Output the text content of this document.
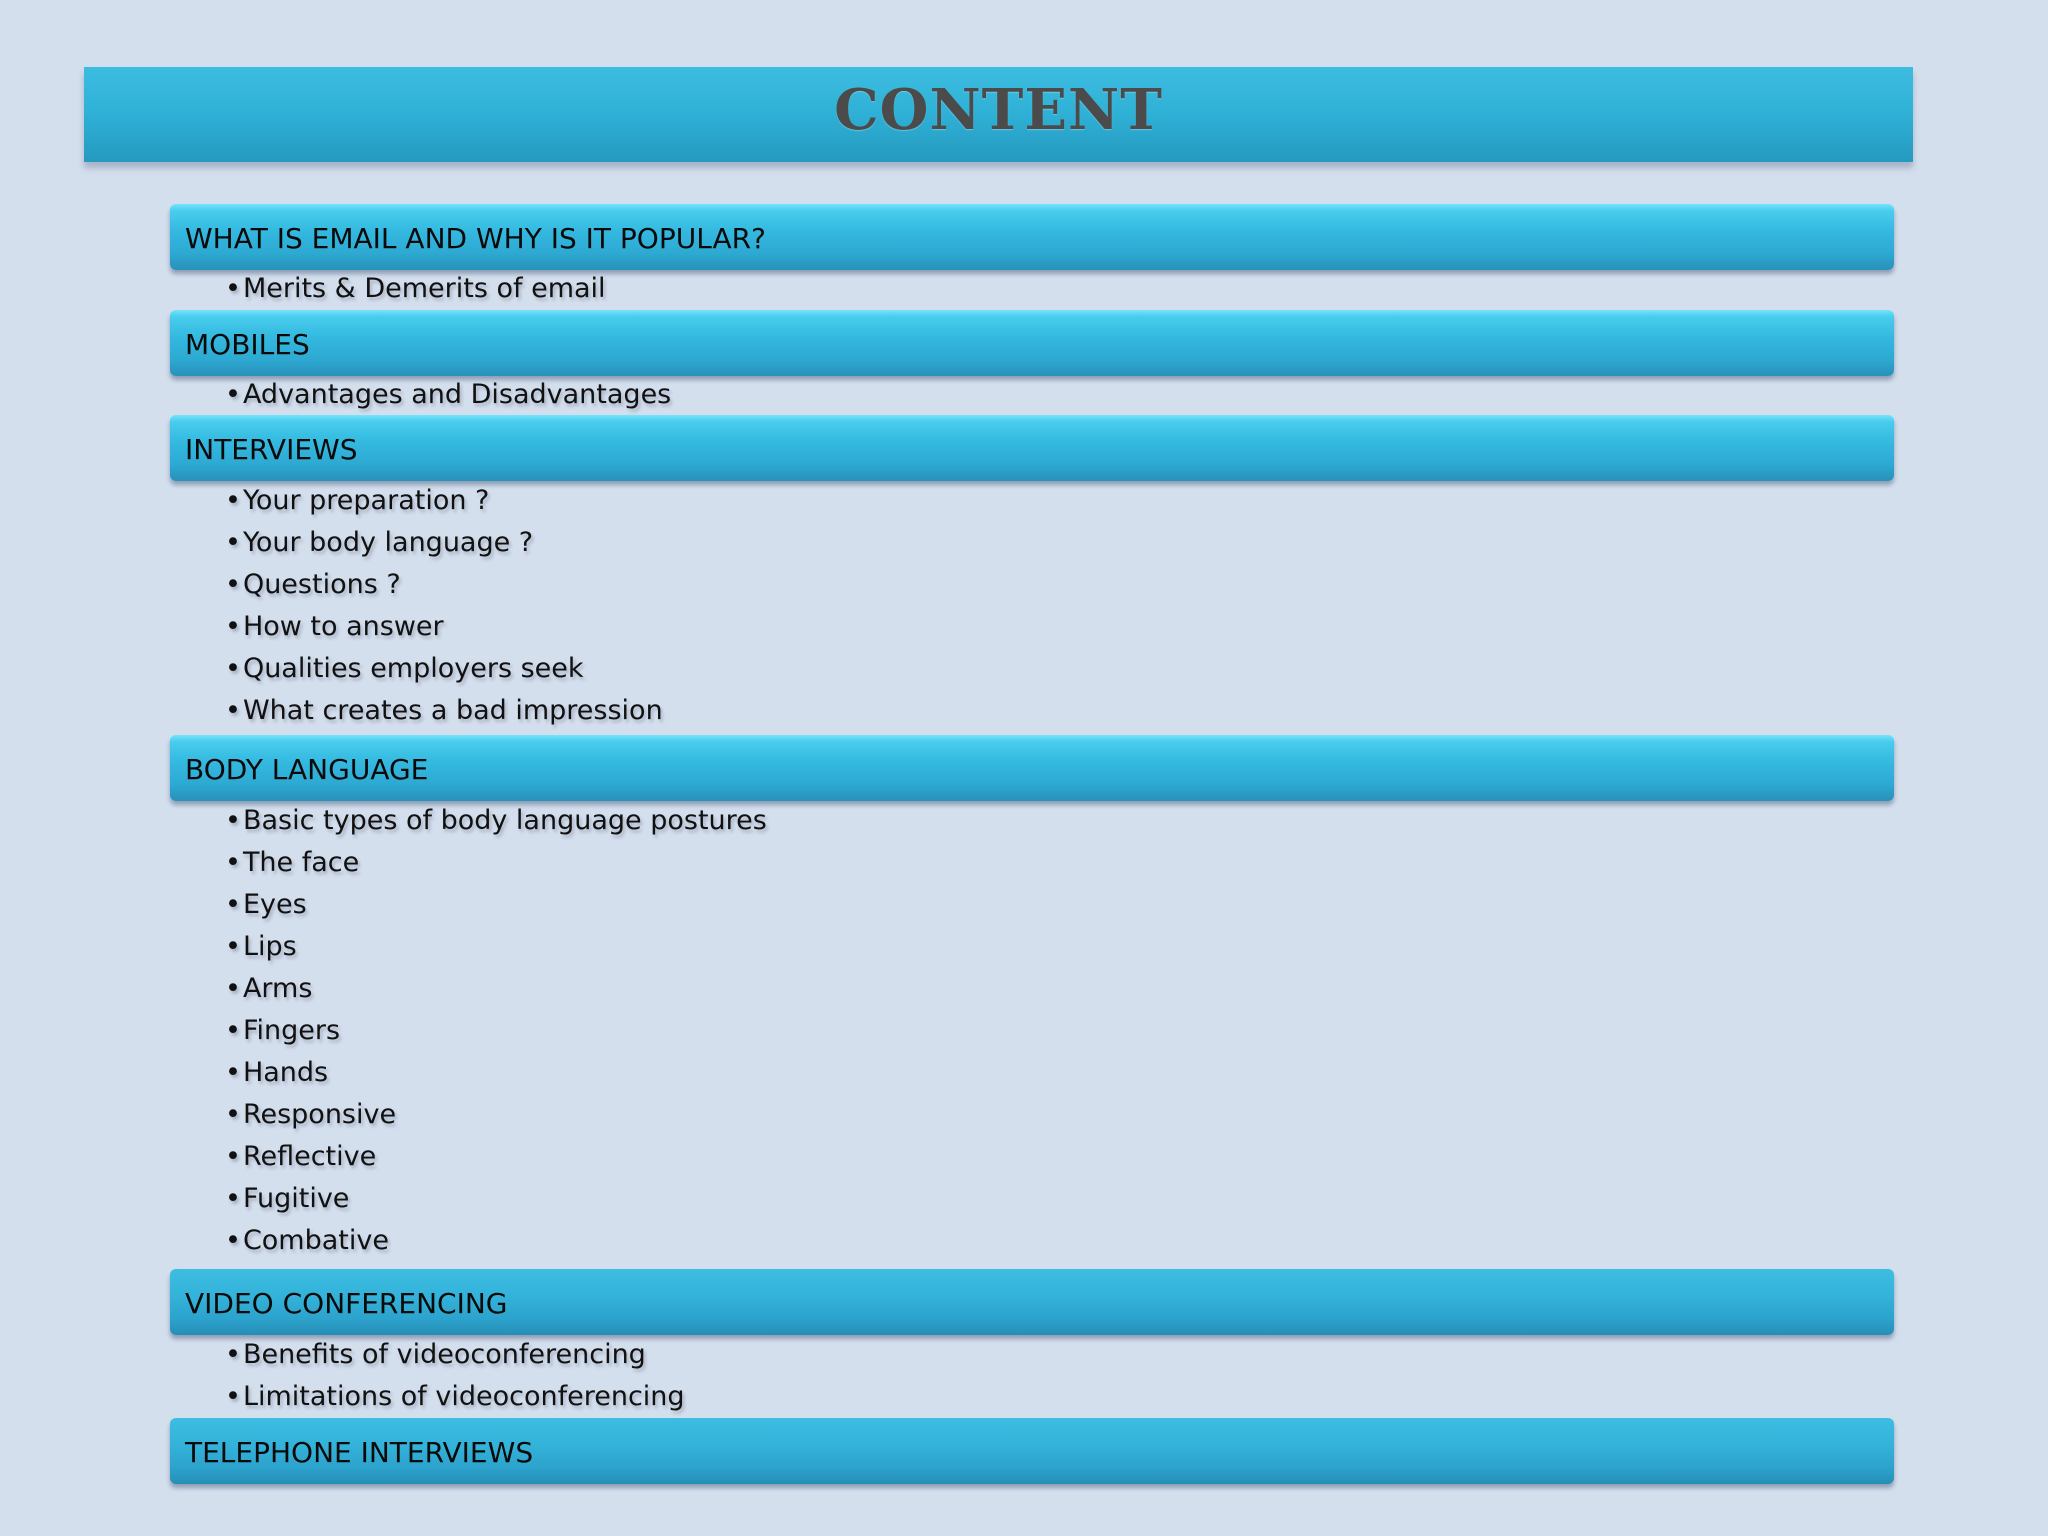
CONTENT
WHAT IS EMAIL AND WHY IS IT POPULAR?
•Merits & Demerits of email
MOBILES
•Advantages and Disadvantages
INTERVIEWS
•Your preparation ?
•Your body language ?
•Questions ?
•How to answer
•Qualities employers seek
•What creates a bad impression
BODY LANGUAGE
•Basic types of body language postures
•The face
•Eyes
•Lips
•Arms
•Fingers
•Hands
•Responsive
•Reflective
•Fugitive
•Combative
VIDEO CONFERENCING
•Benefits of videoconferencing
•Limitations of videoconferencing
TELEPHONE INTERVIEWS
